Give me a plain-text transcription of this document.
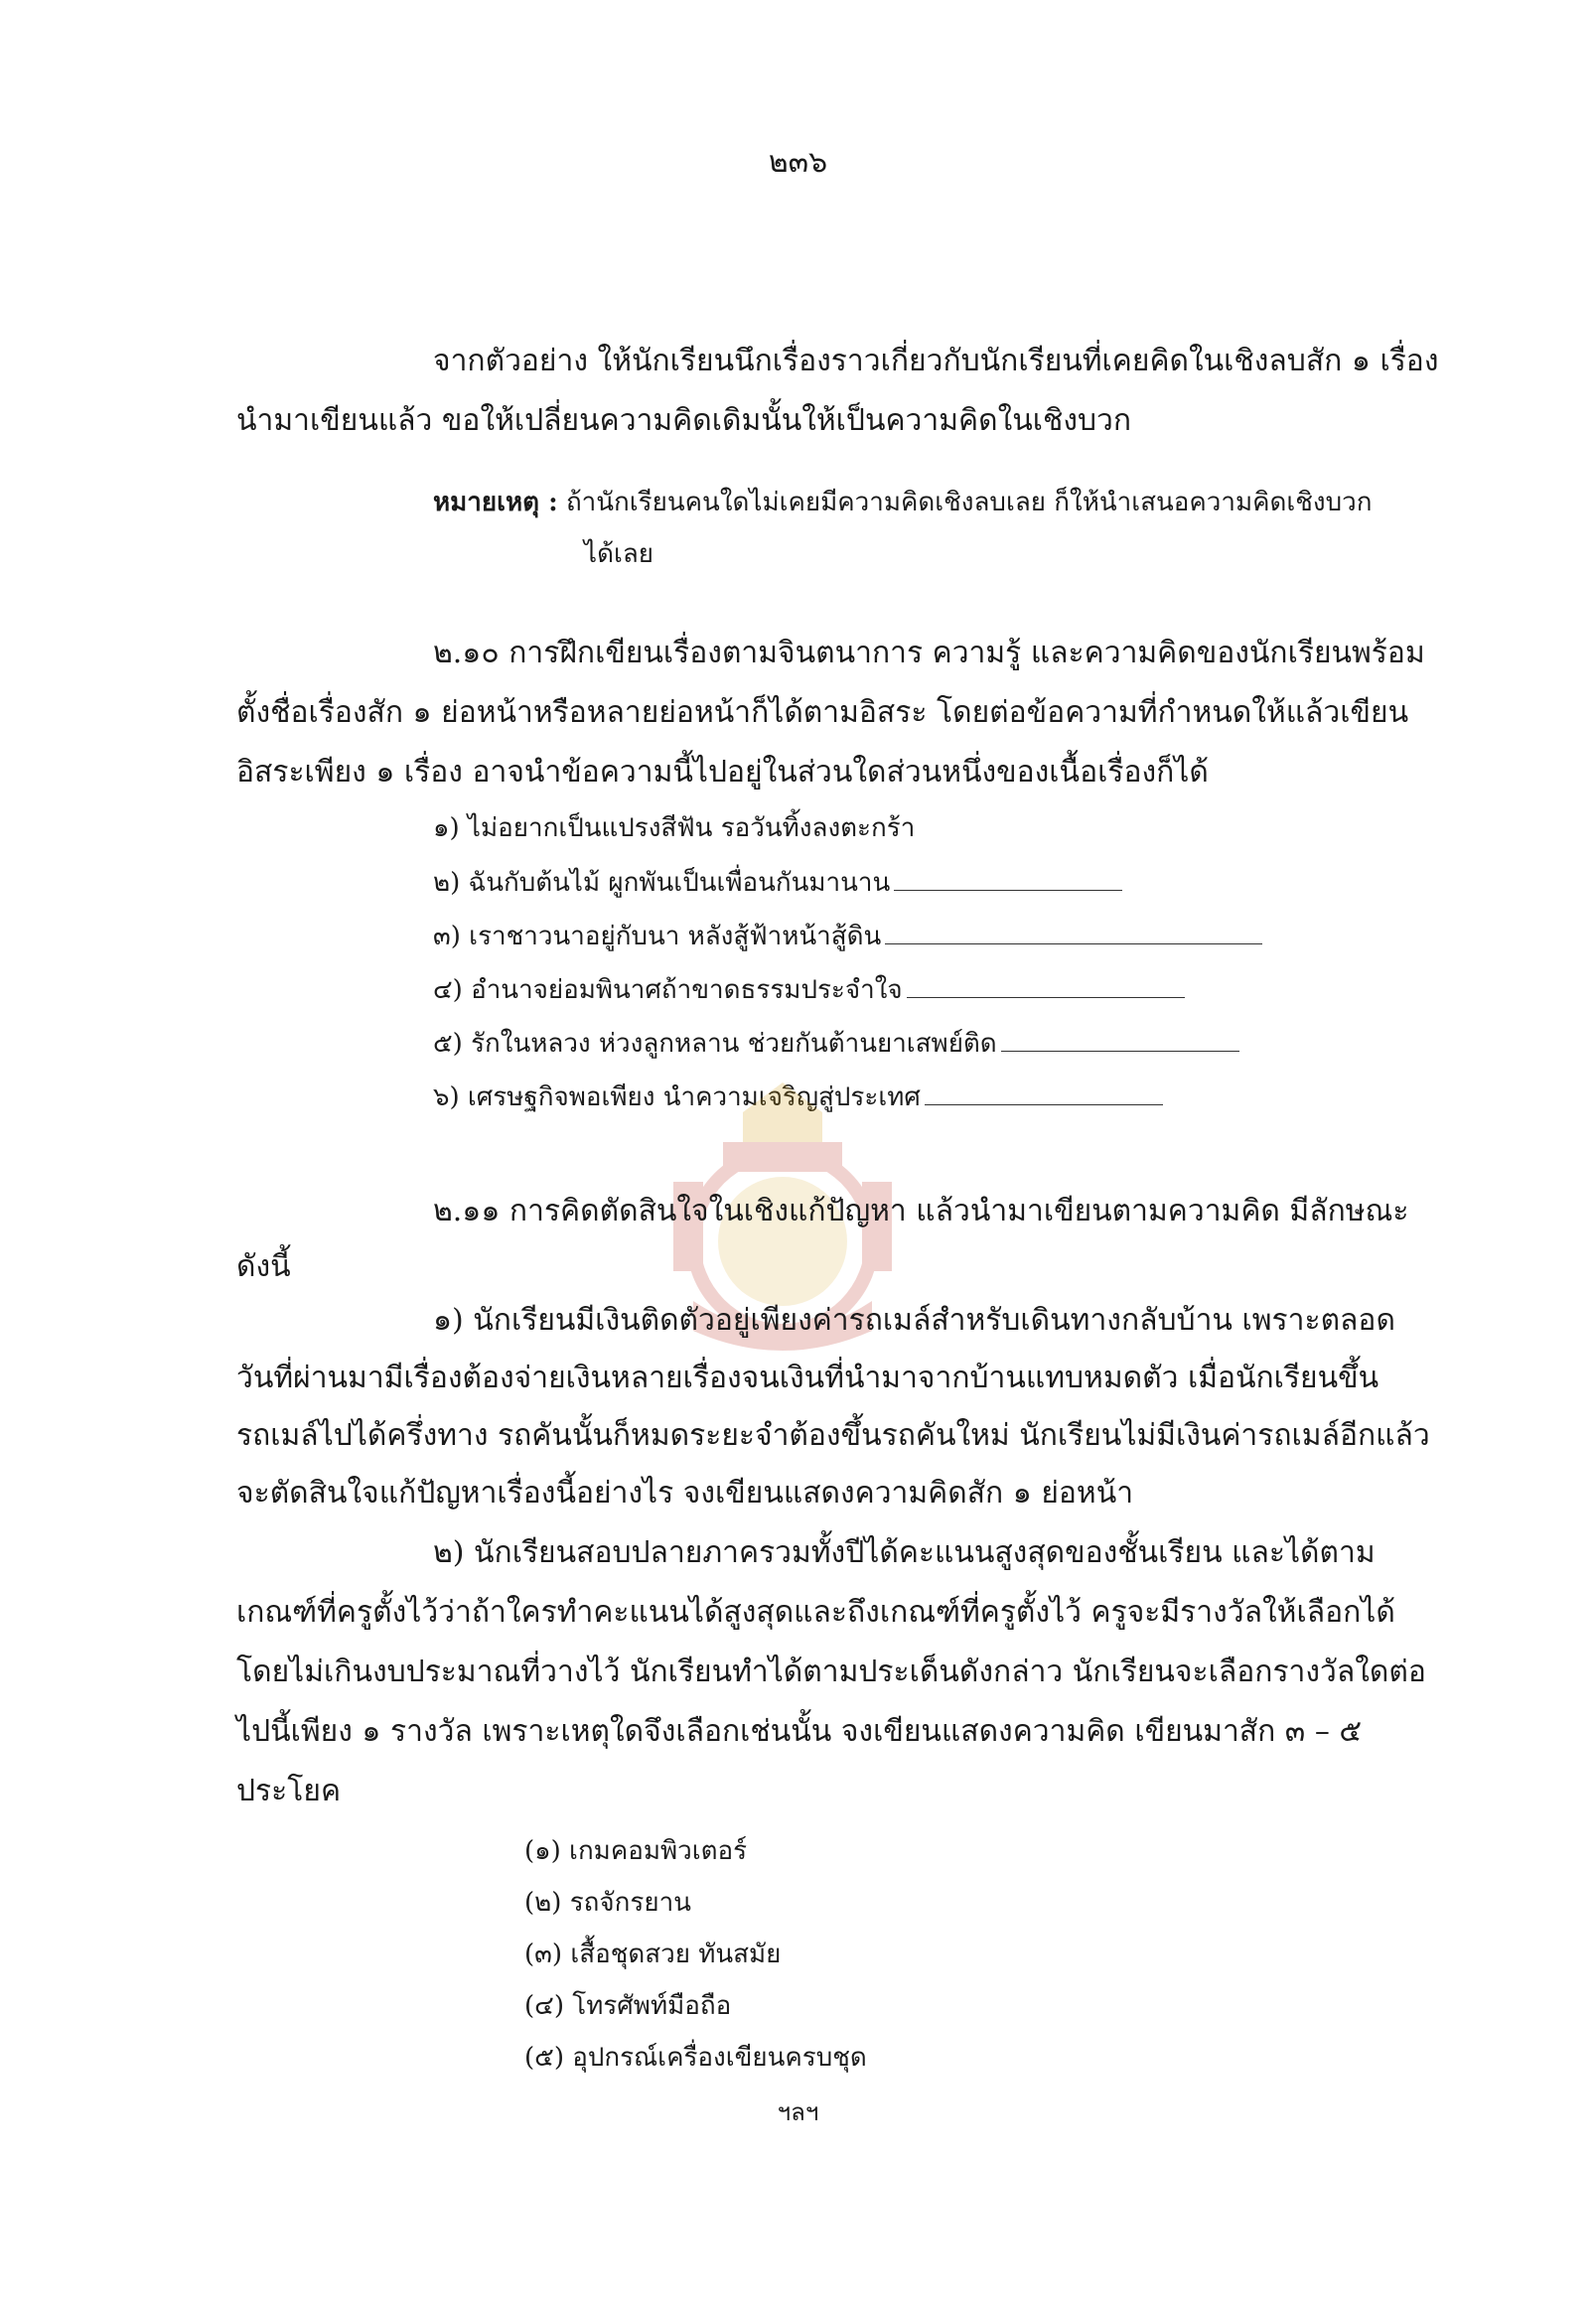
๒๓๖
จากตัวอย่าง ให้นักเรียนนึกเรื่องราวเกี่ยวกับนักเรียนที่เคยคิดในเชิงลบสัก ๑ เรื่อง
นำมาเขียนแล้ว ขอให้เปลี่ยนความคิดเดิมนั้นให้เป็นความคิดในเชิงบวก
หมายเหตุ : ถ้านักเรียนคนใดไม่เคยมีความคิดเชิงลบเลย ก็ให้นำเสนอความคิดเชิงบวก
ได้เลย
๒.๑๐ การฝึกเขียนเรื่องตามจินตนาการ ความรู้ และความคิดของนักเรียนพร้อม
ตั้งชื่อเรื่องสัก ๑ ย่อหน้าหรือหลายย่อหน้าก็ได้ตามอิสระ โดยต่อข้อความที่กำหนดให้แล้วเขียน
อิสระเพียง ๑ เรื่อง อาจนำข้อความนี้ไปอยู่ในส่วนใดส่วนหนึ่งของเนื้อเรื่องก็ได้
๑) ไม่อยากเป็นแปรงสีฟัน รอวันทิ้งลงตะกร้า
๒) ฉันกับต้นไม้ ผูกพันเป็นเพื่อนกันมานาน
๓) เราชาวนาอยู่กับนา หลังสู้ฟ้าหน้าสู้ดิน
๔) อำนาจย่อมพินาศถ้าขาดธรรมประจำใจ
๕) รักในหลวง ห่วงลูกหลาน ช่วยกันต้านยาเสพย์ติด
๖) เศรษฐกิจพอเพียง นำความเจริญสู่ประเทศ
๒.๑๑ การคิดตัดสินใจในเชิงแก้ปัญหา แล้วนำมาเขียนตามความคิด มีลักษณะ
ดังนี้
๑) นักเรียนมีเงินติดตัวอยู่เพียงค่ารถเมล์สำหรับเดินทางกลับบ้าน เพราะตลอด
วันที่ผ่านมามีเรื่องต้องจ่ายเงินหลายเรื่องจนเงินที่นำมาจากบ้านแทบหมดตัว เมื่อนักเรียนขึ้น
รถเมล์ไปได้ครึ่งทาง รถคันนั้นก็หมดระยะจำต้องขึ้นรถคันใหม่ นักเรียนไม่มีเงินค่ารถเมล์อีกแล้ว
จะตัดสินใจแก้ปัญหาเรื่องนี้อย่างไร จงเขียนแสดงความคิดสัก ๑ ย่อหน้า
๒) นักเรียนสอบปลายภาครวมทั้งปีได้คะแนนสูงสุดของชั้นเรียน และได้ตาม
เกณฑ์ที่ครูตั้งไว้ว่าถ้าใครทำคะแนนได้สูงสุดและถึงเกณฑ์ที่ครูตั้งไว้ ครูจะมีรางวัลให้เลือกได้
โดยไม่เกินงบประมาณที่วางไว้ นักเรียนทำได้ตามประเด็นดังกล่าว นักเรียนจะเลือกรางวัลใดต่อ
ไปนี้เพียง ๑ รางวัล เพราะเหตุใดจึงเลือกเช่นนั้น จงเขียนแสดงความคิด เขียนมาสัก ๓ – ๕
ประโยค
(๑) เกมคอมพิวเตอร์
(๒) รถจักรยาน
(๓) เสื้อชุดสวย ทันสมัย
(๔) โทรศัพท์มือถือ
(๕) อุปกรณ์เครื่องเขียนครบชุด
ฯลฯ
